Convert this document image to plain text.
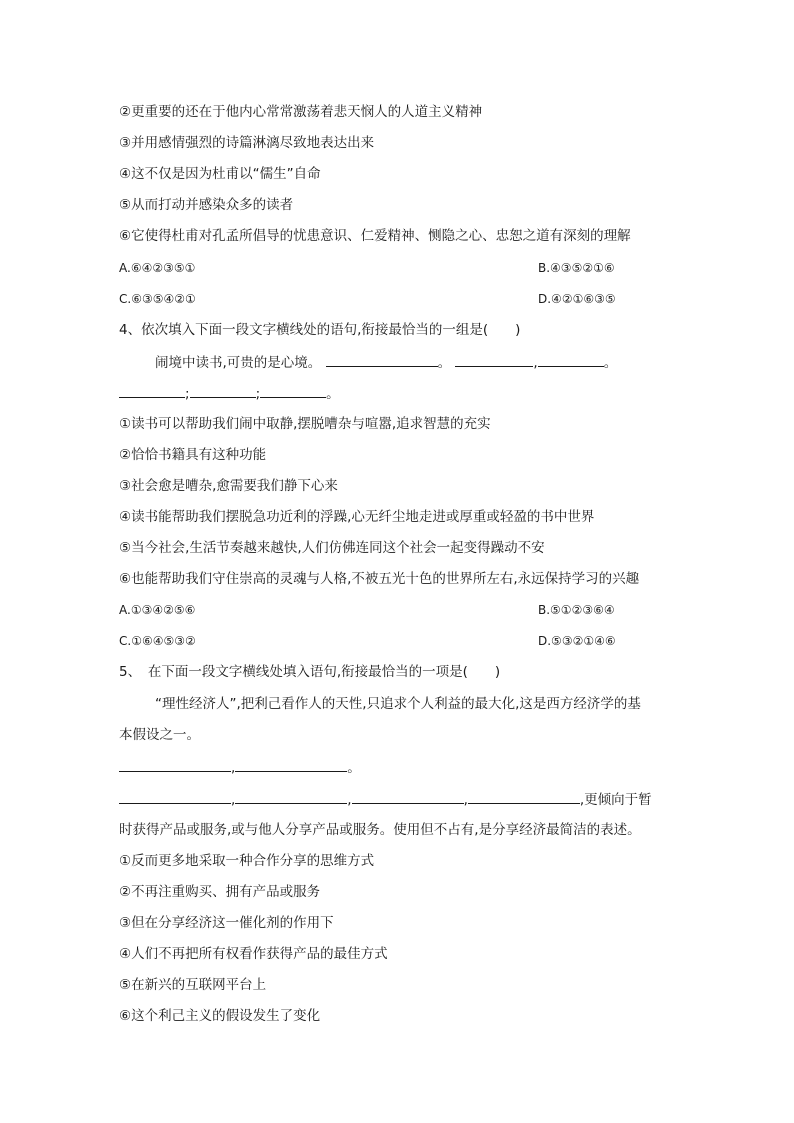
②更重要的还在于他内心常常激荡着悲天悯人的人道主义精神
③并用感情强烈的诗篇淋漓尽致地表达出来
④这不仅是因为杜甫以“儒生”自命
⑤从而打动并感染众多的读者
⑥它使得杜甫对孔孟所倡导的忧患意识、仁爱精神、恻隐之心、忠恕之道有深刻的理解
A.⑥④②③⑤①	B.④③⑤②①⑥
C.⑥③⑤④②①	D.④②①⑥③⑤
4、依次填入下面一段文字横线处的语句,衔接最恰当的一组是(　　)
闹境中读书,可贵的是心境。	。	,	。
;	;	。
①读书可以帮助我们闹中取静,摆脱嘈杂与喧嚣,追求智慧的充实
②恰恰书籍具有这种功能
③社会愈是嘈杂,愈需要我们静下心来
④读书能帮助我们摆脱急功近利的浮躁,心无纤尘地走进或厚重或轻盈的书中世界
⑤当今社会,生活节奏越来越快,人们仿佛连同这个社会一起变得躁动不安
⑥也能帮助我们守住崇高的灵魂与人格,不被五光十色的世界所左右,永远保持学习的兴趣
A.①③④②⑤⑥	B.⑤①②③⑥④
C.①⑥④⑤③②	D.⑤③②①④⑥
5、　在下面一段文字横线处填入语句,衔接最恰当的一项是(　　)
“理性经济人”,把利己看作人的天性,只追求个人利益的最大化,这是西方经济学的基
本假设之一。
,	。
,	,	,	,更倾向于暂
时获得产品或服务,或与他人分享产品或服务。使用但不占有,是分享经济最简洁的表述。
①反而更多地采取一种合作分享的思维方式
②不再注重购买、拥有产品或服务
③但在分享经济这一催化剂的作用下
④人们不再把所有权看作获得产品的最佳方式
⑤在新兴的互联网平台上
⑥这个利己主义的假设发生了变化
